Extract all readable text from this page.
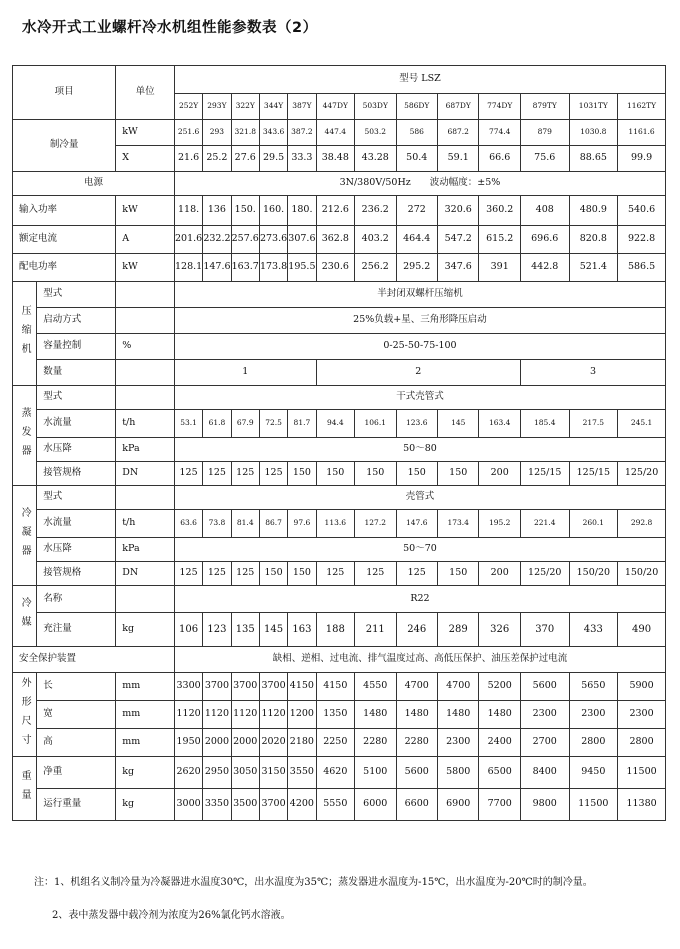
水冷开式工业螺杆冷水机组性能参数表（2）
项目		单位	型号 LSZ												
			252Y	293Y	322Y	344Y	387Y	447DY	503DY	586DY	687DY	774DY	879TY	1031TY	1162TY
制冷量		kW	251.6	293	321.8	343.6	387.2	447.4	503.2	586	687.2	774.4	879	1030.8	1161.6
		X	21.6	25.2	27.6	29.5	33.3	38.48	43.28	50.4	59.1	66.6	75.6	88.65	99.9
电源			3N/380V/50Hz　　波动幅度：±5%												
输入功率		kW	118.	136	150.	160.	180.	212.6	236.2	272	320.6	360.2	408	480.9	540.6
额定电流		A	201.6	232.2	257.6	273.6	307.6	362.8	403.2	464.4	547.2	615.2	696.6	820.8	922.8
配电功率		kW	128.1	147.6	163.7	173.8	195.5	230.6	256.2	295.2	347.6	391	442.8	521.4	586.5
压缩机	型式		半封闭双螺杆压缩机												
	启动方式		25%负载+星、三角形降压启动												
	容量控制	%	0-25-50-75-100												
	数量		1					2					3		
蒸发器	型式		干式壳管式												
	水流量	t/h	53.1	61.8	67.9	72.5	81.7	94.4	106.1	123.6	145	163.4	185.4	217.5	245.1
	水压降	kPa	50～80												
	接管规格	DN	125	125	125	125	150	150	150	150	150	200	125/15	125/15	125/20
冷凝器	型式		壳管式												
	水流量	t/h	63.6	73.8	81.4	86.7	97.6	113.6	127.2	147.6	173.4	195.2	221.4	260.1	292.8
	水压降	kPa	50～70												
	接管规格	DN	125	125	125	150	150	125	125	125	150	200	125/20	150/20	150/20
冷媒	名称		R22												
	充注量	kg	106	123	135	145	163	188	211	246	289	326	370	433	490
安全保护装置			缺相、逆相、过电流、排气温度过高、高低压保护、油压差保护过电流												
外形尺寸	长	mm	3300	3700	3700	3700	4150	4150	4550	4700	4700	5200	5600	5650	5900
	宽	mm	1120	1120	1120	1120	1200	1350	1480	1480	1480	1480	2300	2300	2300
	高	mm	1950	2000	2000	2020	2180	2250	2280	2280	2300	2400	2700	2800	2800
重量	净重	kg	2620	2950	3050	3150	3550	4620	5100	5600	5800	6500	8400	9450	11500
	运行重量	kg	3000	3350	3500	3700	4200	5550	6000	6600	6900	7700	9800	11500	11380
注：1、机组名义制冷量为冷凝器进水温度30℃，出水温度为35℃；蒸发器进水温度为-15℃，出水温度为-20℃时的制冷量。
2、表中蒸发器中载冷剂为浓度为26%氯化钙水溶液。
